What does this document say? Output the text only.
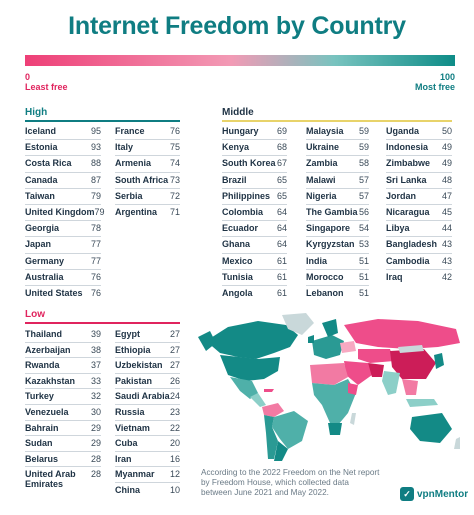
Internet Freedom by Country
0	100
Least free	Most free
High
Iceland	95
Estonia	93
Costa Rica 88
Canada	87
Taiwan	79
United Kingdom 79
Georgia	78
Japan	77
Germany	77
Australia	76
United States 76
France	76
Italy	75
Armenia 74
South Africa 73
Serbia	72
Argentina 71
Middle
Hungary 69
Kenya	68
South Korea 67
Brazil	65
Philippines 65
Colombia 64
Ecuador 64
Ghana	64
Mexico	61
Tunisia	61
Angola	61
Malaysia 59
Ukraine 59
Zambia 58
Malawi	57
Nigeria 57
The Gambia 56
Singapore 54
Kyrgyzstan 53
India	51
Morocco 51
Lebanon 51
Uganda	50
Indonesia 49
Zimbabwe 49
Sri Lanka 48
Jordan	47
Nicaragua 45
Libya	44
Bangladesh 43
Cambodia 43
Iraq	42
Low
Thailand	39
Azerbaijan 38
Rwanda	37
Kazakhstan 33
Turkey	32
Venezuela 30
Bahrain	29
Sudan	29
Belarus	28
United Arab Emirates
28
Egypt	27
Ethiopia 27
Uzbekistan 27
Pakistan 26
Saudi Arabia 24
Russia	23
Vietnam 22
Cuba	20
Iran	16
Myanmar 12
China	10
According to the 2022 Freedom on the Net report by Freedom House, which collected data between June 2021 and May 2022.	✓ vpnMentor
